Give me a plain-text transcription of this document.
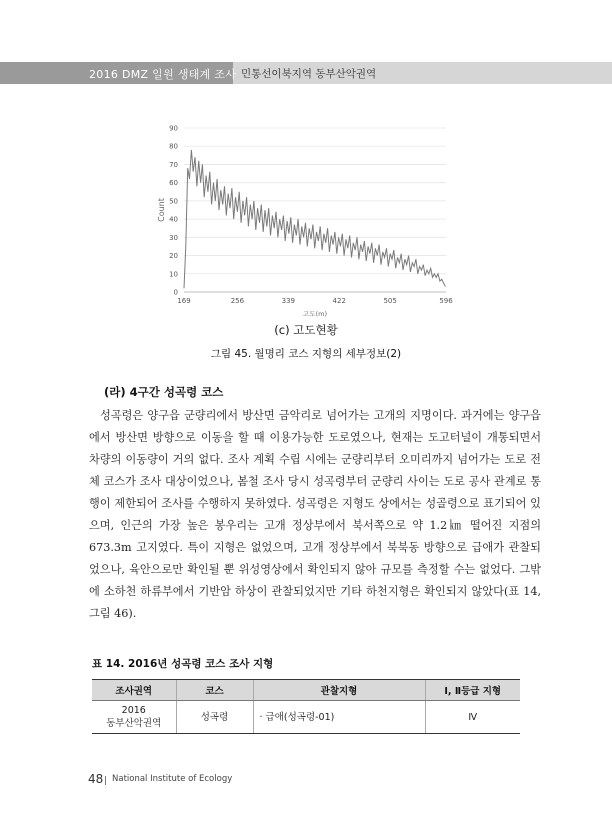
2016 DMZ 일원 생태계 조사 민통선이북지역 동부산악권역
0
10
20
30
40
50
60
70
80
90
169	256	339	422	505	596
Count
고도(m)
(c) 고도현황
그림 45. 월명리 코스 지형의 세부정보(2)
(라) 4구간 성곡령 코스

성곡령은 양구읍 군량리에서 방산면 금악리로 넘어가는 고개의 지명이다. 과거에는 양구읍에서 방산면 방향으로 이동을 할 때 이용가능한 도로였으나, 현재는 도고터널이 개통되면서 차량의 이동량이 거의 없다. 조사 계획 수립 시에는 군량리부터 오미리까지 넘어가는 도로 전체 코스가 조사 대상이었으나, 봄철 조사 당시 성곡령부터 군량리 사이는 도로 공사 관계로 통행이 제한되어 조사를 수행하지 못하였다. 성곡령은 지형도 상에서는 성골령으로 표기되어 있으며, 인근의 가장 높은 봉우리는 고개 정상부에서 북서쪽으로 약 1.2㎞ 떨어진 지점의 673.3m 고지였다. 특이 지형은 없었으며, 고개 정상부에서 북북동 방향으로 급애가 관찰되었으나, 육안으로만 확인될 뿐 위성영상에서 확인되지 않아 규모를 측정할 수는 없었다. 그밖에 소하천 하류부에서 기반암 하상이 관찰되었지만 기타 하천지형은 확인되지 않았다(표 14, 그림 46).

표 14. 2016년 성곡령 코스 조사 지형
조사권역	코스	관찰지형	Ⅰ, Ⅱ등급 지형

2016
동부산악권역	성곡령	· 급애(성곡령-01)	Ⅳ
48 National Institute of Ecology
